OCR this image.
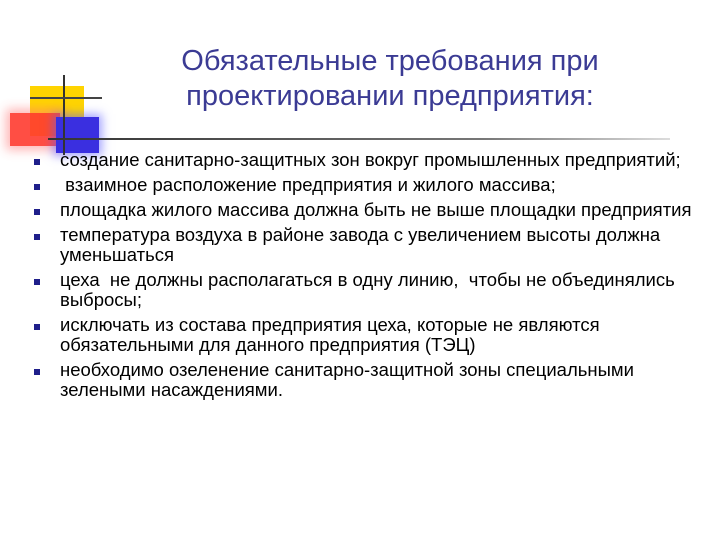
Обязательные требования при проектировании предприятия:
создание санитарно-защитных зон вокруг промышленных предприятий;
взаимное расположение предприятия и жилого массива;
площадка жилого массива должна быть не выше площадки предприятия
температура воздуха в районе завода с увеличением высоты должна уменьшаться
цеха  не должны располагаться в одну линию,  чтобы не объединялись выбросы;
исключать из состава предприятия цеха, которые не являются обязательными для данного предприятия (ТЭЦ)
необходимо озеленение санитарно-защитной зоны специальными зелеными насаждениями.
